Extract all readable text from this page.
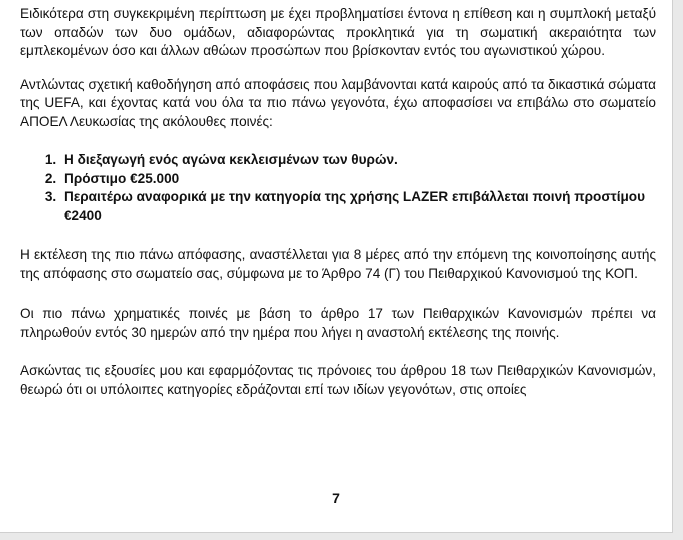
Ειδικότερα στη συγκεκριμένη περίπτωση με έχει προβληματίσει έντονα η επίθεση και η συμπλοκή μεταξύ των οπαδών των δυο ομάδων, αδιαφορώντας προκλητικά για τη σωματική ακεραιότητα των εμπλεκομένων όσο και άλλων αθώων προσώπων που βρίσκονταν εντός του αγωνιστικού χώρου.

Αντλώντας σχετική καθοδήγηση από αποφάσεις που λαμβάνονται κατά καιρούς από τα δικαστικά σώματα της UEFA, και έχοντας κατά νου όλα τα πιο πάνω γεγονότα, έχω αποφασίσει να επιβάλω στο σωματείο ΑΠΟΕΛ Λευκωσίας της ακόλουθες ποινές:

1. Η διεξαγωγή ενός αγώνα κεκλεισμένων των θυρών.
2. Πρόστιμο €25.000
3. Περαιτέρω αναφορικά με την κατηγορία της χρήσης LAZER επιβάλλεται ποινή προστίμου €2400

Η εκτέλεση της πιο πάνω απόφασης, αναστέλλεται για 8 μέρες από την επόμενη της κοινοποίησης αυτής της απόφασης στο σωματείο σας, σύμφωνα με το Άρθρο 74 (Γ) του Πειθαρχικού Κανονισμού της ΚΟΠ.

Οι πιο πάνω χρηματικές ποινές με βάση το άρθρο 17 των Πειθαρχικών Κανονισμών πρέπει να πληρωθούν εντός 30 ημερών από την ημέρα που λήγει η αναστολή εκτέλεσης της ποινής.

Ασκώντας τις εξουσίες μου και εφαρμόζοντας τις πρόνοιες του άρθρου 18 των Πειθαρχικών Κανονισμών, θεωρώ ότι οι υπόλοιπες κατηγορίες εδράζονται επί των ιδίων γεγονότων, στις οποίες

7
